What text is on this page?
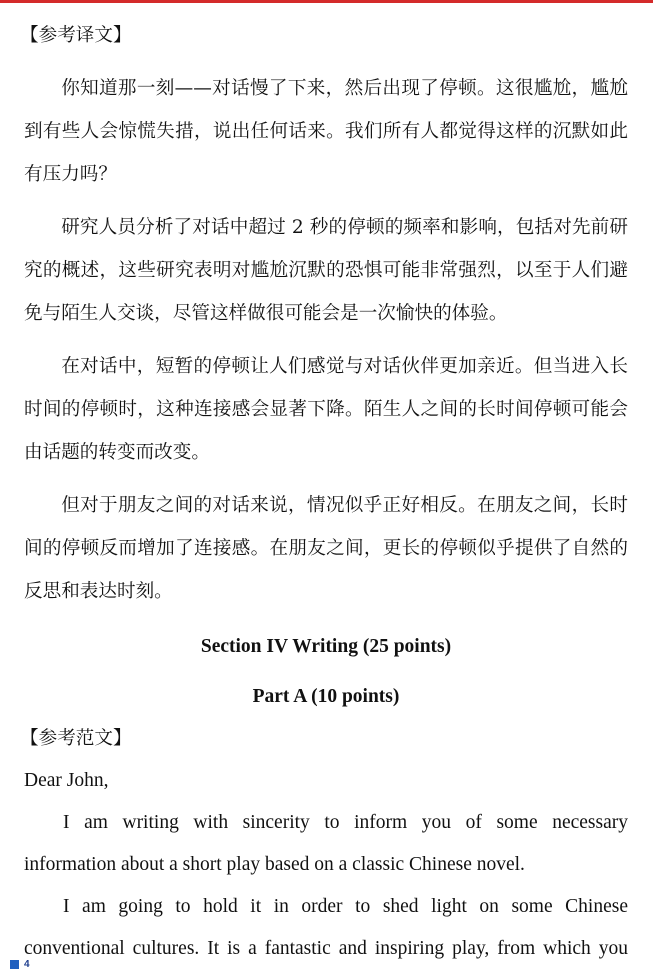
【参考译文】

你知道那一刻——对话慢了下来，然后出现了停顿。这很尴尬，尴尬到有些人会惊慌失措，说出任何话来。我们所有人都觉得这样的沉默如此有压力吗？

研究人员分析了对话中超过 2 秒的停顿的频率和影响，包括对先前研究的概述，这些研究表明对尴尬沉默的恐惧可能非常强烈，以至于人们避免与陌生人交谈，尽管这样做很可能会是一次愉快的体验。

在对话中，短暂的停顿让人们感觉与对话伙伴更加亲近。但当进入长时间的停顿时，这种连接感会显著下降。陌生人之间的长时间停顿可能会由话题的转变而改变。

但对于朋友之间的对话来说，情况似乎正好相反。在朋友之间，长时间的停顿反而增加了连接感。在朋友之间，更长的停顿似乎提供了自然的反思和表达时刻。

Section IV Writing (25 points)

Part A (10 points)

【参考范文】

Dear John,

I am writing with sincerity to inform you of some necessary

information about a short play based on a classic Chinese novel.

I am going to hold it in order to shed light on some Chinese

conventional cultures. It is a fantastic and inspiring play, from which you

4
